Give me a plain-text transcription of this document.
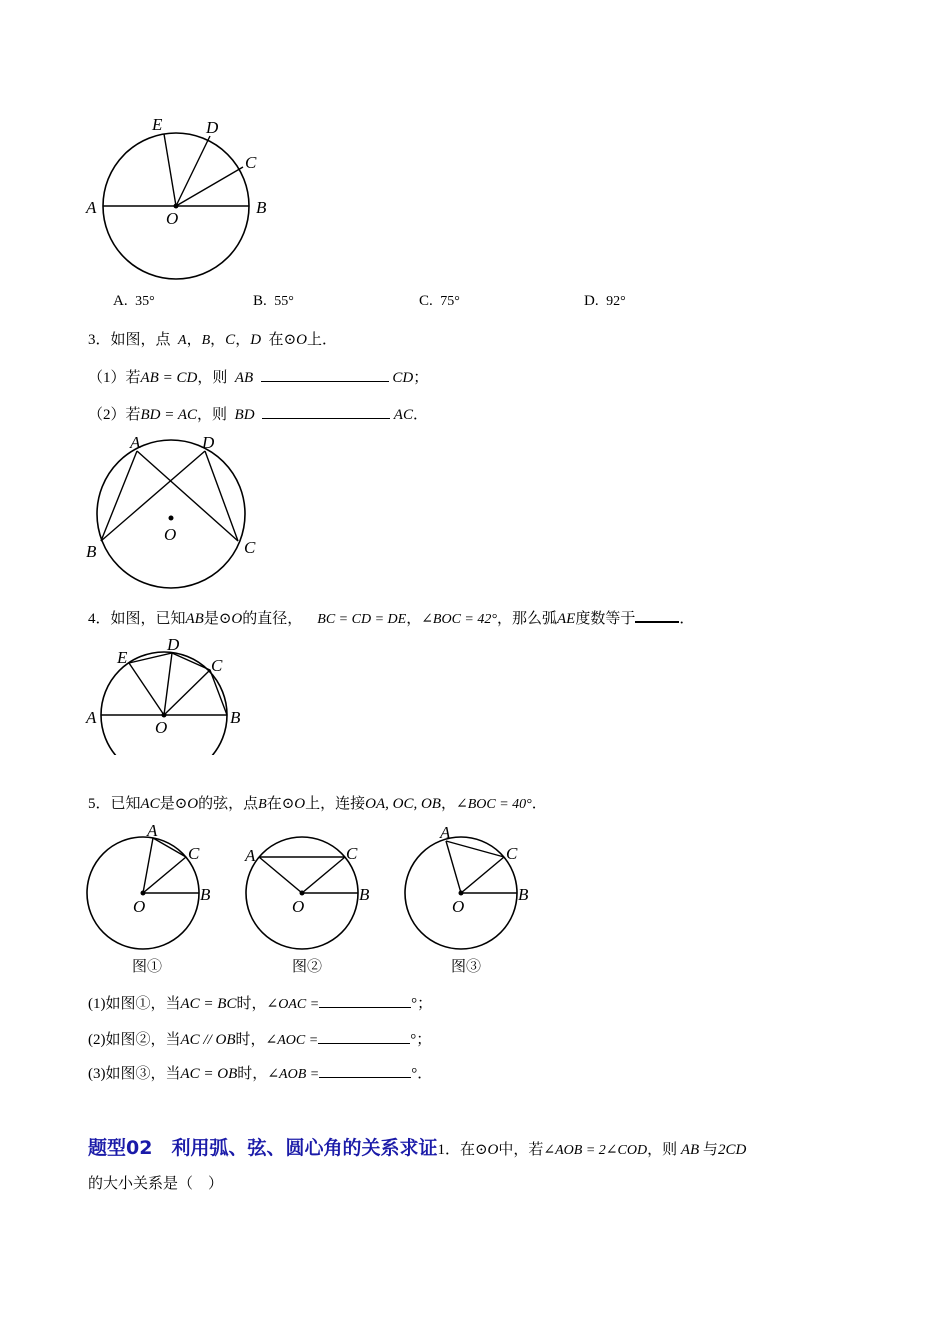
E	D
C
A
O
B
A. 35°	B. 55°	C. 75°	D. 92°
3．如图，点 A，B，C，D 在⊙O上．
（1）若AB = CD，则 AB	CD；
（2）若BD = AC，则 BD	AC．
A	D
O
B	C
4．如图，已知AB是⊙O的直径， BC = CD = DE，∠BOC = 42°，那么弧AE度数等于	．
E
D
C
A
O
B
5．已知AC是⊙O的弦，点B在⊙O上，连接OA, OC, OB，∠BOC = 40°．
A
C
O
B
图①
A	C
O
B
图②
A
C
O
B
图③
(1)如图①，当AC = BC时，∠OAC =	°；
(2)如图②，当AC // OB时，∠AOC =	°；
(3)如图③，当AC = OB时，∠AOB =	°．
题型02　利用弧、弦、圆心角的关系求证1．在⊙O中，若∠AOB = 2∠COD，则 AB 与2CD
的大小关系是（　）
